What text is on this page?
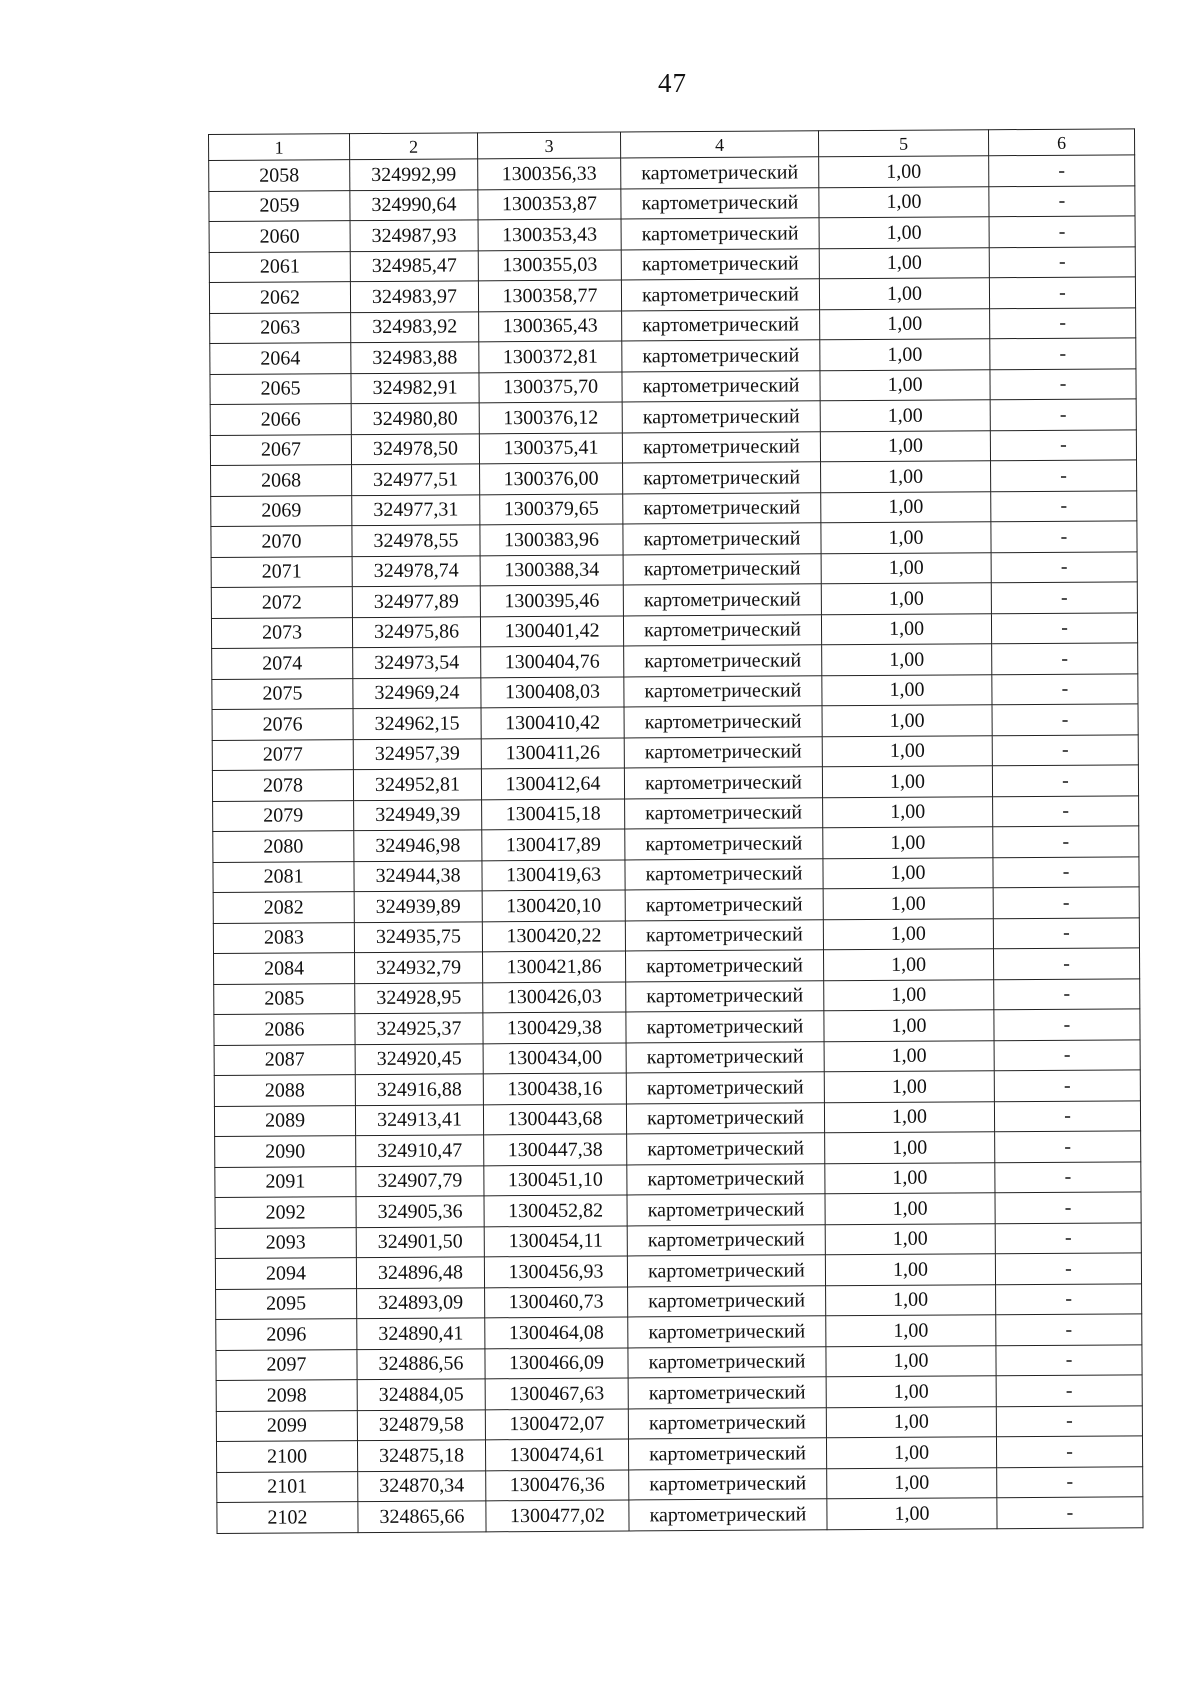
47
1	2	3	4	5	6
2058	324992,99	1300356,33	картометрический	1,00	-
2059	324990,64	1300353,87	картометрический	1,00	-
2060	324987,93	1300353,43	картометрический	1,00	-
2061	324985,47	1300355,03	картометрический	1,00	-
2062	324983,97	1300358,77	картометрический	1,00	-
2063	324983,92	1300365,43	картометрический	1,00	-
2064	324983,88	1300372,81	картометрический	1,00	-
2065	324982,91	1300375,70	картометрический	1,00	-
2066	324980,80	1300376,12	картометрический	1,00	-
2067	324978,50	1300375,41	картометрический	1,00	-
2068	324977,51	1300376,00	картометрический	1,00	-
2069	324977,31	1300379,65	картометрический	1,00	-
2070	324978,55	1300383,96	картометрический	1,00	-
2071	324978,74	1300388,34	картометрический	1,00	-
2072	324977,89	1300395,46	картометрический	1,00	-
2073	324975,86	1300401,42	картометрический	1,00	-
2074	324973,54	1300404,76	картометрический	1,00	-
2075	324969,24	1300408,03	картометрический	1,00	-
2076	324962,15	1300410,42	картометрический	1,00	-
2077	324957,39	1300411,26	картометрический	1,00	-
2078	324952,81	1300412,64	картометрический	1,00	-
2079	324949,39	1300415,18	картометрический	1,00	-
2080	324946,98	1300417,89	картометрический	1,00	-
2081	324944,38	1300419,63	картометрический	1,00	-
2082	324939,89	1300420,10	картометрический	1,00	-
2083	324935,75	1300420,22	картометрический	1,00	-
2084	324932,79	1300421,86	картометрический	1,00	-
2085	324928,95	1300426,03	картометрический	1,00	-
2086	324925,37	1300429,38	картометрический	1,00	-
2087	324920,45	1300434,00	картометрический	1,00	-
2088	324916,88	1300438,16	картометрический	1,00	-
2089	324913,41	1300443,68	картометрический	1,00	-
2090	324910,47	1300447,38	картометрический	1,00	-
2091	324907,79	1300451,10	картометрический	1,00	-
2092	324905,36	1300452,82	картометрический	1,00	-
2093	324901,50	1300454,11	картометрический	1,00	-
2094	324896,48	1300456,93	картометрический	1,00	-
2095	324893,09	1300460,73	картометрический	1,00	-
2096	324890,41	1300464,08	картометрический	1,00	-
2097	324886,56	1300466,09	картометрический	1,00	-
2098	324884,05	1300467,63	картометрический	1,00	-
2099	324879,58	1300472,07	картометрический	1,00	-
2100	324875,18	1300474,61	картометрический	1,00	-
2101	324870,34	1300476,36	картометрический	1,00	-
2102	324865,66	1300477,02	картометрический	1,00	-
